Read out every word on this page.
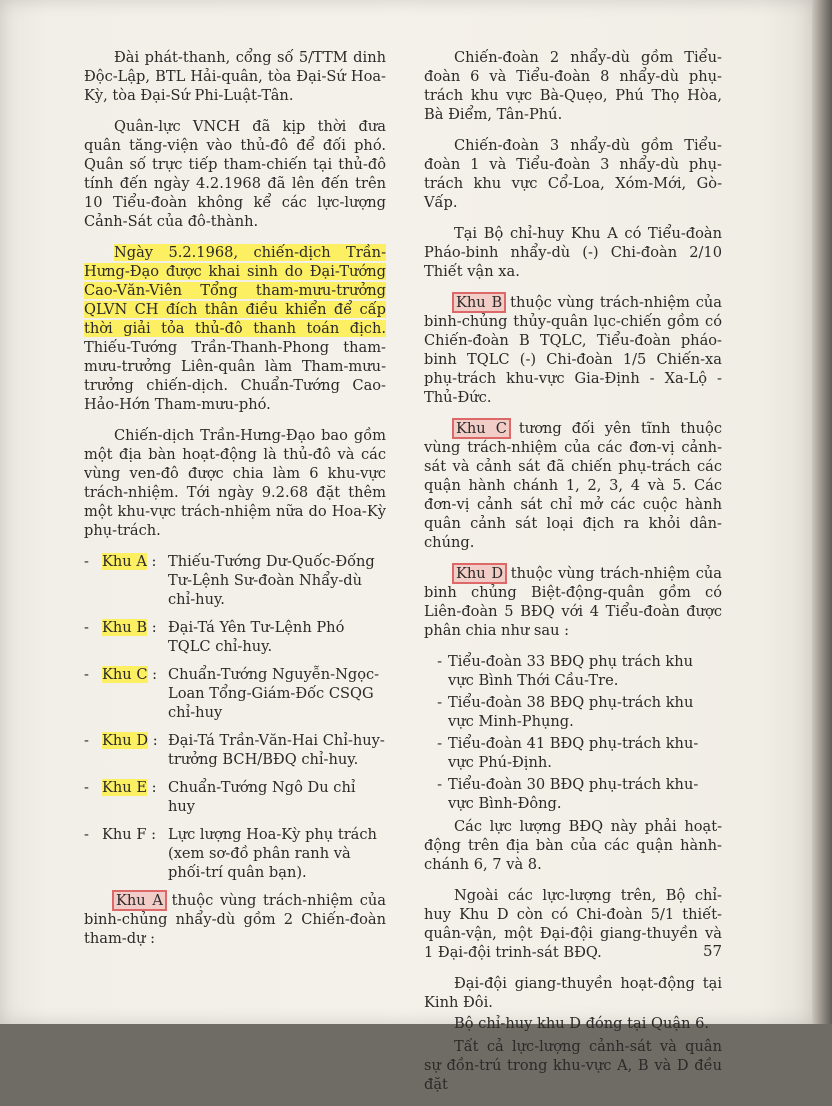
Đài phát-thanh, cổng số 5/TTM dinh Độc-Lập, BTL Hải-quân, tòa Đại-Sứ Hoa-Kỳ, tòa Đại-Sứ Phi-Luật-Tân.

Quân-lực VNCH đã kịp thời đưa quân tăng-viện vào thủ-đô để đối phó. Quân số trực tiếp tham-chiến tại thủ-đô tính đến ngày 4.2.1968 đã lên đến trên 10 Tiểu-đoàn không kể các lực-lượng Cảnh-Sát của đô-thành.

Ngày 5.2.1968, chiến-dịch Trần-Hưng-Đạo được khai sinh do Đại-Tướng Cao-Văn-Viên Tổng tham-mưu-trưởng QLVN CH đích thân điều khiển để cấp thời giải tỏa thủ-đô thanh toán địch. Thiếu-Tướng Trần-Thanh-Phong tham-mưu-trưởng Liên-quân làm Tham-mưu-trưởng chiến-dịch. Chuẩn-Tướng Cao-Hảo-Hớn Tham-mưu-phó.

Chiến-dịch Trần-Hưng-Đạo bao gồm một địa bàn hoạt-động là thủ-đô và các vùng ven-đô được chia làm 6 khu-vực trách-nhiệm. Tới ngày 9.2.68 đặt thêm một khu-vực trách-nhiệm nữa do Hoa-Kỳ phụ-trách.

- Khu A : Thiếu-Tướng Dư-Quốc-Đống Tư-Lệnh Sư-đoàn Nhẩy-dù chỉ-huy.
- Khu B : Đại-Tá Yên Tư-Lệnh Phó TQLC chỉ-huy.
- Khu C : Chuẩn-Tướng Nguyễn-Ngọc-Loan Tổng-Giám-Đốc CSQG chỉ-huy
- Khu D : Đại-Tá Trần-Văn-Hai Chỉ-huy-trưởng BCH/BĐQ chỉ-huy.
- Khu E : Chuẩn-Tướng Ngô Du chỉ huy
- Khu F : Lực lượng Hoa-Kỳ phụ trách (xem sơ-đồ phân ranh và phối-trí quân bạn).

Khu A thuộc vùng trách-nhiệm của binh-chủng nhẩy-dù gồm 2 Chiến-đoàn tham-dự :

Chiến-đoàn 2 nhẩy-dù gồm Tiểu-đoàn 6 và Tiểu-đoàn 8 nhẩy-dù phụ-trách khu vực Bà-Quẹo, Phú Thọ Hòa, Bà Điểm, Tân-Phú.

Chiến-đoàn 3 nhẩy-dù gồm Tiểu-đoàn 1 và Tiểu-đoàn 3 nhẩy-dù phụ-trách khu vực Cổ-Loa, Xóm-Mới, Gò-Vấp.

Tại Bộ chỉ-huy Khu A có Tiểu-đoàn Pháo-binh nhẩy-dù (-) Chi-đoàn 2/10 Thiết vận xa.

Khu B thuộc vùng trách-nhiệm của binh-chủng thủy-quân lục-chiến gồm có Chiến-đoàn B TQLC, Tiểu-đoàn pháo-binh TQLC (-) Chi-đoàn 1/5 Chiến-xa phụ-trách khu-vực Gia-Định - Xa-Lộ - Thủ-Đức.

Khu C tương đối yên tĩnh thuộc vùng trách-nhiệm của các đơn-vị cảnh-sát và cảnh sát đã chiến phụ-trách các quận hành chánh 1, 2, 3, 4 và 5. Các đơn-vị cảnh sát chỉ mở các cuộc hành quân cảnh sát loại địch ra khỏi dân-chúng.

Khu D thuộc vùng trách-nhiệm của binh chủng Biệt-động-quân gồm có Liên-đoàn 5 BĐQ với 4 Tiểu-đoàn được phân chia như sau :

- Tiểu-đoàn 33 BĐQ phụ trách khu vực Bình Thới Cầu-Tre.
- Tiểu-đoàn 38 BĐQ phụ-trách khu vực Minh-Phụng.
- Tiểu-đoàn 41 BĐQ phụ-trách khu-vực Phú-Định.
- Tiểu-đoàn 30 BĐQ phụ-trách khu-vực Bình-Đông.

Các lực lượng BĐQ này phải hoạt-động trên địa bàn của các quận hành-chánh 6, 7 và 8.

Ngoài các lực-lượng trên, Bộ chỉ-huy Khu D còn có Chi-đoàn 5/1 thiết-quân-vận, một Đại-đội giang-thuyền và 1 Đại-đội trinh-sát BĐQ.

Đại-đội giang-thuyền hoạt-động tại Kinh Đôi.

Bộ chỉ-huy khu D đóng tại Quận 6.

Tất cả lực-lượng cảnh-sát và quân sự đồn-trú trong khu-vực A, B và D đều đặt

57
